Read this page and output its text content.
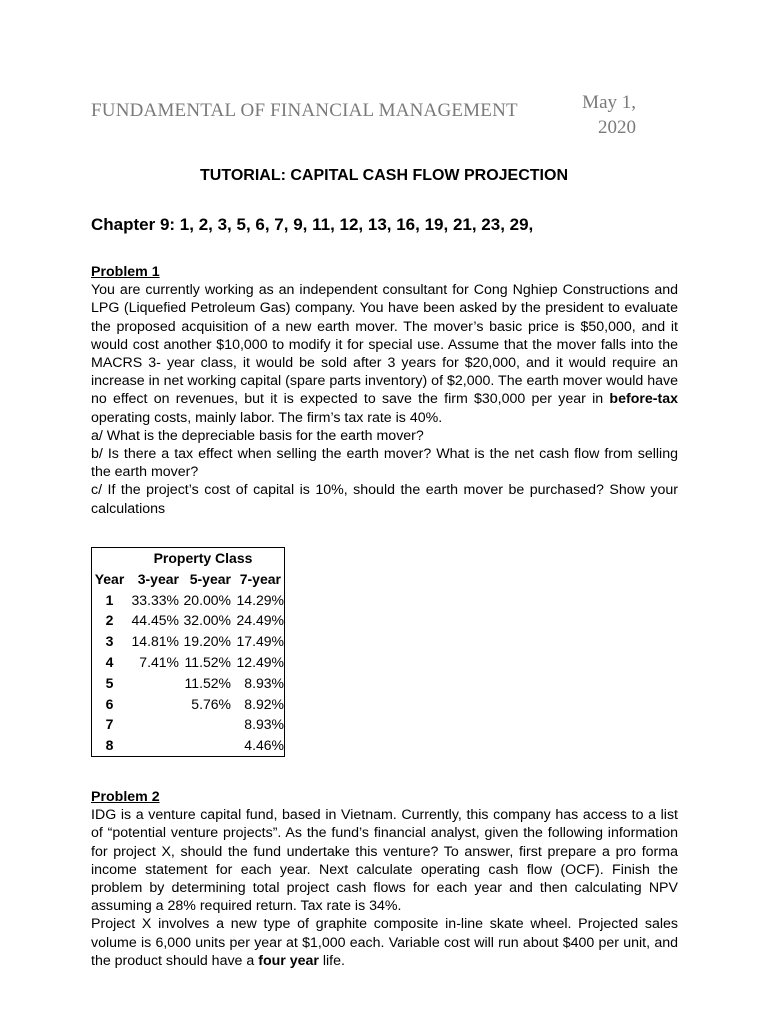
FUNDAMENTAL OF FINANCIAL MANAGEMENT	May 1,
2020
TUTORIAL: CAPITAL CASH FLOW PROJECTION
Chapter 9: 1, 2, 3, 5, 6, 7, 9, 11, 12, 13, 16, 19, 21, 23, 29,

Problem 1

You are currently working as an independent consultant for Cong Nghiep Constructions and LPG (Liquefied Petroleum Gas) company. You have been asked by the president to evaluate the proposed acquisition of a new earth mover. The mover’s basic price is $50,000, and it would cost another $10,000 to modify it for special use. Assume that the mover falls into the MACRS 3- year class, it would be sold after 3 years for $20,000, and it would require an increase in net working capital (spare parts inventory) of $2,000. The earth mover would have no effect on revenues, but it is expected to save the firm $30,000 per year in before-tax operating costs, mainly labor. The firm’s tax rate is 40%.

a/ What is the depreciable basis for the earth mover?

b/ Is there a tax effect when selling the earth mover? What is the net cash flow from selling the earth mover?

c/ If the project’s cost of capital is 10%, should the earth mover be purchased? Show your calculations

Property Class			
Year	3-year	5-year	7-year
1	33.33%	20.00%	14.29%
2	44.45%	32.00%	24.49%
3	14.81%	19.20%	17.49%
4	7.41%	11.52%	12.49%
5		11.52%	8.93%
6		5.76%	8.92%
7			8.93%
8			4.46%

Problem 2

IDG is a venture capital fund, based in Vietnam. Currently, this company has access to a list of “potential venture projects”. As the fund’s financial analyst, given the following information for project X, should the fund undertake this venture? To answer, first prepare a pro forma income statement for each year. Next calculate operating cash flow (OCF). Finish the problem by determining total project cash flows for each year and then calculating NPV assuming a 28% required return. Tax rate is 34%.

Project X involves a new type of graphite composite in-line skate wheel. Projected sales volume is 6,000 units per year at $1,000 each. Variable cost will run about $400 per unit, and the product should have a four year life.
